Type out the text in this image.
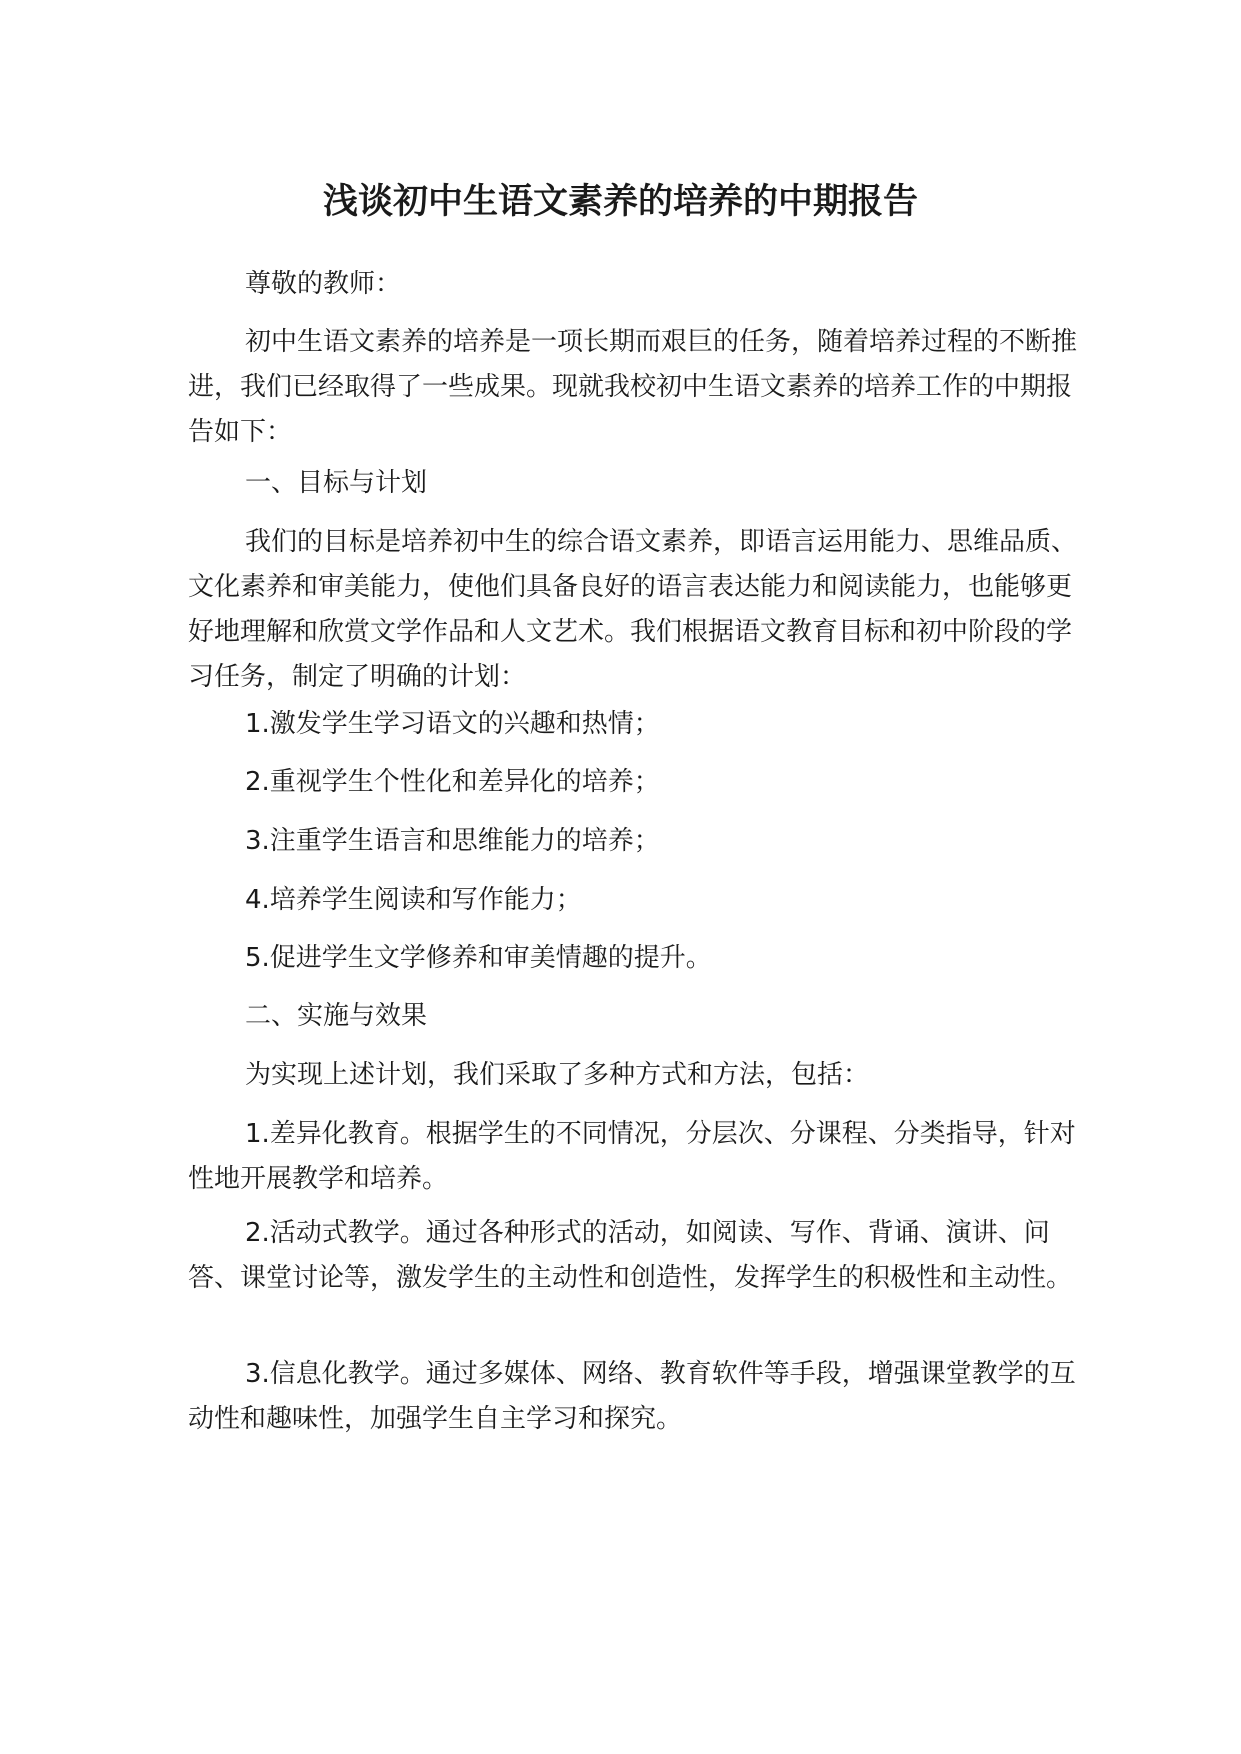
浅谈初中生语文素养的培养的中期报告

尊敬的教师：

初中生语文素养的培养是一项长期而艰巨的任务，随着培养过程的不断推进，我们已经取得了一些成果。现就我校初中生语文素养的培养工作的中期报告如下：

一、目标与计划

我们的目标是培养初中生的综合语文素养，即语言运用能力、思维品质、文化素养和审美能力，使他们具备良好的语言表达能力和阅读能力，也能够更好地理解和欣赏文学作品和人文艺术。我们根据语文教育目标和初中阶段的学习任务，制定了明确的计划：

1.激发学生学习语文的兴趣和热情；

2.重视学生个性化和差异化的培养；

3.注重学生语言和思维能力的培养；

4.培养学生阅读和写作能力；

5.促进学生文学修养和审美情趣的提升。

二、实施与效果

为实现上述计划，我们采取了多种方式和方法，包括：

1.差异化教育。根据学生的不同情况，分层次、分课程、分类指导，针对性地开展教学和培养。

2.活动式教学。通过各种形式的活动，如阅读、写作、背诵、演讲、问答、课堂讨论等，激发学生的主动性和创造性，发挥学生的积极性和主动性。

3.信息化教学。通过多媒体、网络、教育软件等手段，增强课堂教学的互动性和趣味性，加强学生自主学习和探究。
